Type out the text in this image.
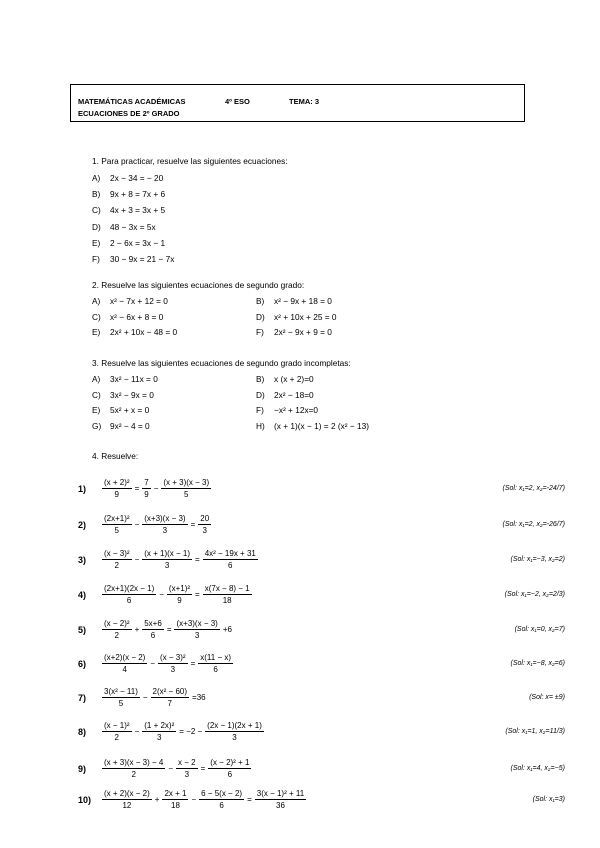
MATEMÁTICAS ACADÉMICAS	4º ESO	TEMA: 3
ECUACIONES DE 2º GRADO
1. Para practicar, resuelve las siguientes ecuaciones:
A) 2x − 34 = − 20
B) 9x + 8 = 7x + 6
C) 4x + 3 = 3x + 5
D) 48 − 3x = 5x
E) 2 − 6x = 3x − 1
F) 30 − 9x = 21 − 7x
2. Resuelve las siguientes ecuaciones de segundo grado:
A) x² − 7x + 12 = 0	B) x² − 9x + 18 = 0
C) x² − 6x + 8 = 0	D) x² + 10x + 25 = 0
E) 2x² + 10x − 48 = 0	F) 2x² − 9x + 9 = 0
3. Resuelve las siguientes ecuaciones de segundo grado incompletas:
A) 3x² − 11x = 0	B) x (x + 2)=0
C) 3x² − 9x = 0	D) 2x² − 18=0
E) 5x² + x = 0	F) −x² + 12x=0
G) 9x² − 4 = 0	H) (x + 1)(x − 1) = 2 (x² − 13)
4. Resuelve:
1)	$\frac{\text{(x + 2)²}}{9} = \frac{7}{9} - \frac{(x + 3)(x - 3)}{5}$	(Sol: x₁=2, x₂=-24/7)
2)	$\frac{\text{(2x+1)²}}{5} - \frac{(x+3)(x - 3)}{3} = \frac{20}{3}$	(Sol: x₁=2, x₂=-26/7)
3)	$\frac{\text{(x − 3)²}}{2} - \frac{(x + 1)(x - 1)}{3} = \frac{\text{4x² − 19x + 31}}{6}$	(Sol: x₁=−3, x₂=2)
4)	$\frac{(2x+1)(2x - 1)}{6} - \frac{\text{(x+1)²}}{9} = \frac{x(7x - 8) - 1}{18}$	(Sol: x₁=−2, x₂=2/3)
5)	$\frac{\text{(x − 2)²}}{2} + \frac{5x+6}{6} = \frac{(x+3)(x - 3)}{3} +6$	(Sol: x₁=0, x₂=7)
6)	$\frac{(x+2)(x - 2)}{4} - \frac{\text{(x − 3)²}}{3} = \frac{x(11 - x)}{6}$	(Sol: x₁=−8, x₂=6)
7)	$\frac{\text{3(x² − 11)}}{5} - \frac{\text{2(x² − 60)}}{7} =36$	(Sol: x= ±9)
8)	$\frac{\text{(x − 1)²}}{2} - \frac{\text{(1 + 2x)²}}{3} = -2 - \frac{(2x - 1)(2x + 1)}{3}$	(Sol: x₁=1, x₂=11/3)
9)	$\frac{(x + 3)(x - 3) - 4}{2} - \frac{x - 2}{3} = \frac{\text{(x − 2)² + 1}}{6}$	(Sol: x₁=4, x₂=−5)
10)	$\frac{(x + 2)(x - 2)}{12} + \frac{2x + 1}{18} - \frac{6 - 5(x - 2)}{6} = \frac{\text{3(x − 1)² + 11}}{36}$	(Sol: x₁=3)
